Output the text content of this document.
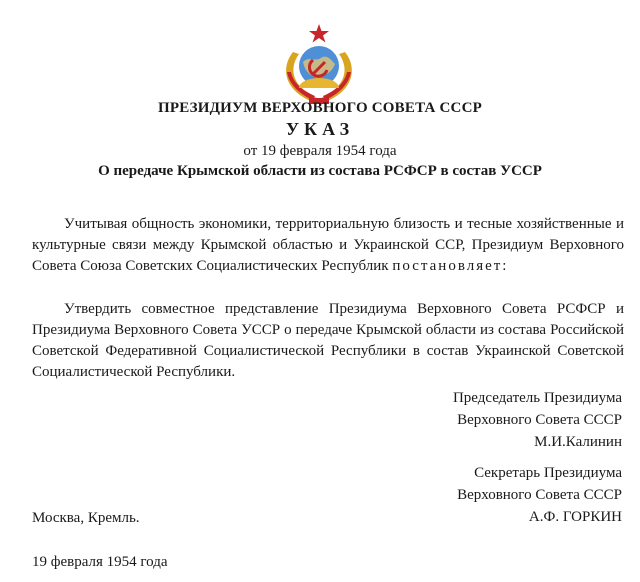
ПРЕЗИДИУМ ВЕРХОВНОГО СОВЕТА СССР
УКАЗ
от 19 февраля 1954 года
О передаче Крымской области из состава РСФСР в состав УССР
Учитывая общность экономики, территориальную близость и тесные хозяйственные и культурные связи между Крымской областью и Украинской ССР, Президиум Верховного Совета Союза Советских Социалистических Республик постановляет:
Утвердить совместное представление Президиума Верховного Совета РСФСР и Президиума Верховного Совета УССР о передаче Крымской области из состава Российской Советской Федеративной Социалистической Республики в состав Украинской Советской Социалистической Республики.
Председатель Президиума
Верховного Совета СССР
М.И.Калинин
Секретарь Президиума
Верховного Совета СССР
А.Ф. ГОРКИН
Москва, Кремль.
19 февраля 1954 года
